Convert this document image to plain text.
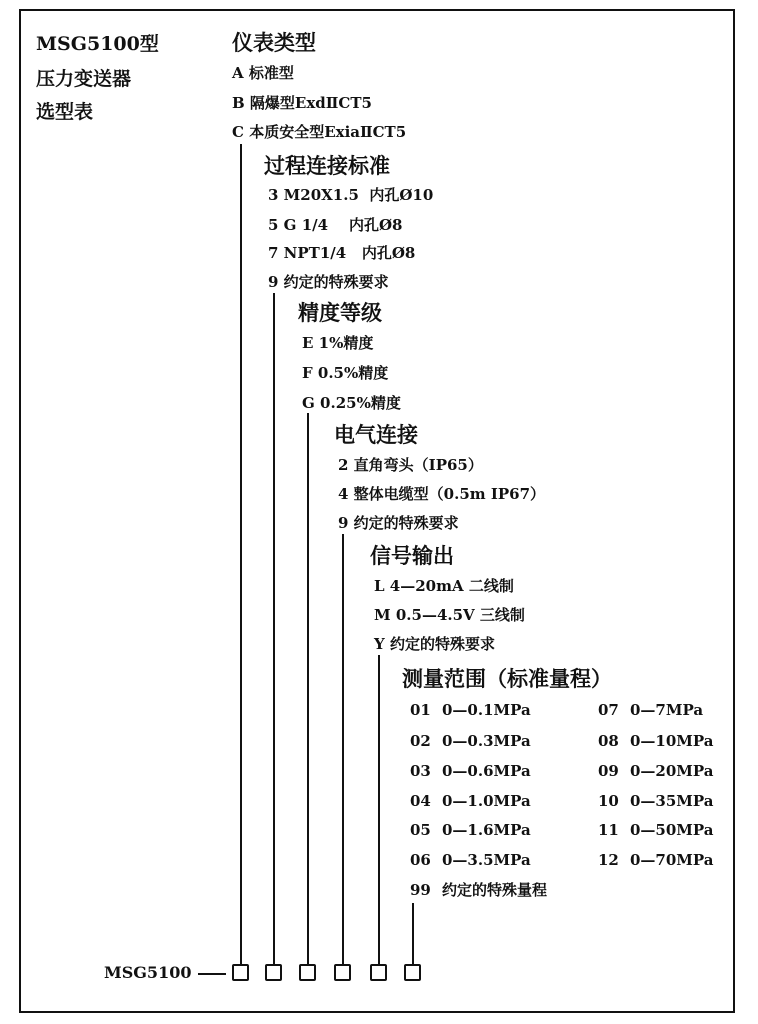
MSG5100型
压力变送器
选型表
仪表类型
A 标准型
B 隔爆型ExdⅡCT5
C 本质安全型ExiaⅡCT5
过程连接标准
3 M20X1.5  内孔Ø10
5 G 1/4    内孔Ø8
7 NPT1/4   内孔Ø8
9 约定的特殊要求
精度等级
E 1%精度
F 0.5%精度
G 0.25%精度
电气连接
2 直角弯头（IP65）
4 整体电缆型（0.5m IP67）
9 约定的特殊要求
信号输出
L 4—20mA 二线制
M 0.5—4.5V 三线制
Y 约定的特殊要求
测量范围（标准量程）
01 0—0.1MPa
02 0—0.3MPa
03 0—0.6MPa
04 0—1.0MPa
05 0—1.6MPa
06 0—3.5MPa
07 0—7MPa
08 0—10MPa
09 0—20MPa
10 0—35MPa
11 0—50MPa
12 0—70MPa
99 约定的特殊量程
MSG5100
